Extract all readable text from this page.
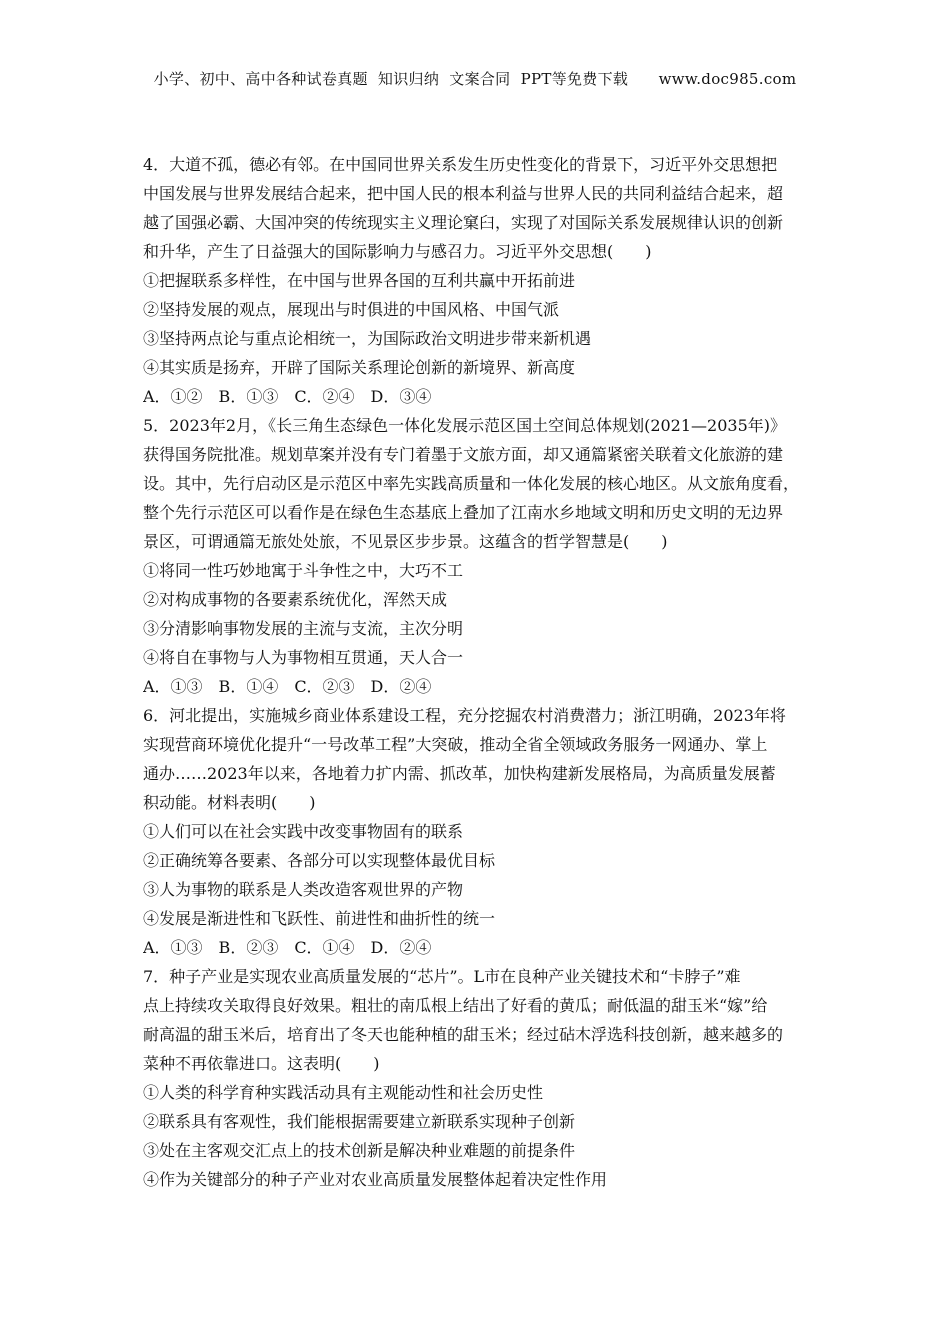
小学、初中、高中各种试卷真题  知识归纳  文案合同  PPT等免费下载      www.doc985.com
4．大道不孤，德必有邻。在中国同世界关系发生历史性变化的背景下，习近平外交思想把
中国发展与世界发展结合起来，把中国人民的根本利益与世界人民的共同利益结合起来，超
越了国强必霸、大国冲突的传统现实主义理论窠臼，实现了对国际关系发展规律认识的创新
和升华，产生了日益强大的国际影响力与感召力。习近平外交思想(　　)
①把握联系多样性，在中国与世界各国的互利共赢中开拓前进
②坚持发展的观点，展现出与时俱进的中国风格、中国气派
③坚持两点论与重点论相统一，为国际政治文明进步带来新机遇
④其实质是扬弃，开辟了国际关系理论创新的新境界、新高度
A．①②　B．①③　C．②④　D．③④
5．2023年2月，《长三角生态绿色一体化发展示范区国土空间总体规划(2021—2035年)》
获得国务院批准。规划草案并没有专门着墨于文旅方面，却又通篇紧密关联着文化旅游的建
设。其中，先行启动区是示范区中率先实践高质量和一体化发展的核心地区。从文旅角度看，
整个先行示范区可以看作是在绿色生态基底上叠加了江南水乡地域文明和历史文明的无边界
景区，可谓通篇无旅处处旅，不见景区步步景。这蕴含的哲学智慧是(　　)
①将同一性巧妙地寓于斗争性之中，大巧不工
②对构成事物的各要素系统优化，浑然天成
③分清影响事物发展的主流与支流，主次分明
④将自在事物与人为事物相互贯通，天人合一
A．①③　B．①④　C．②③　D．②④
6．河北提出，实施城乡商业体系建设工程，充分挖掘农村消费潜力；浙江明确，2023年将
实现营商环境优化提升“一号改革工程”大突破，推动全省全领域政务服务一网通办、掌上
通办……2023年以来，各地着力扩内需、抓改革，加快构建新发展格局，为高质量发展蓄
积动能。材料表明(　　)
①人们可以在社会实践中改变事物固有的联系
②正确统筹各要素、各部分可以实现整体最优目标
③人为事物的联系是人类改造客观世界的产物
④发展是渐进性和飞跃性、前进性和曲折性的统一
A．①③　B．②③　C．①④　D．②④
7．种子产业是实现农业高质量发展的“芯片”。L市在良种产业关键技术和“卡脖子”难
点上持续攻关取得良好效果。粗壮的南瓜根上结出了好看的黄瓜；耐低温的甜玉米“嫁”给
耐高温的甜玉米后，培育出了冬天也能种植的甜玉米；经过砧木浮选科技创新，越来越多的
菜种不再依靠进口。这表明(　　)
①人类的科学育种实践活动具有主观能动性和社会历史性
②联系具有客观性，我们能根据需要建立新联系实现种子创新
③处在主客观交汇点上的技术创新是解决种业难题的前提条件
④作为关键部分的种子产业对农业高质量发展整体起着决定性作用
